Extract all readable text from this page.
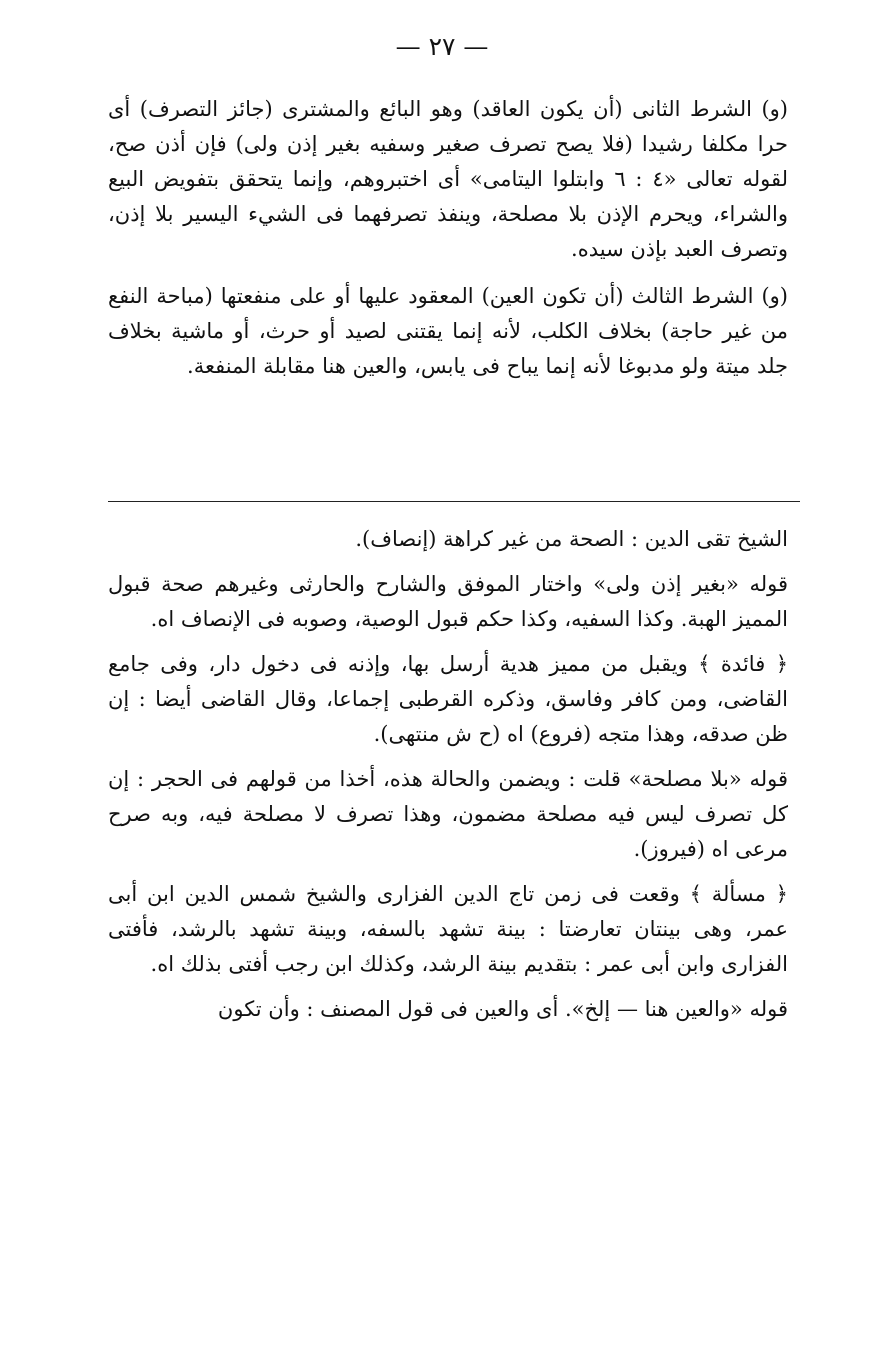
— ٢٧ —

(و) الشرط الثانى (أن يكون العاقد) وهو البائع والمشترى (جائز التصرف) أى حرا مكلفا رشيدا (فلا يصح تصرف صغير وسفيه بغير إذن ولى) فإن أذن صح، لقوله تعالى «٤ : ٦ وابتلوا اليتامى» أى اختبروهم، وإنما يتحقق بتفويض البيع والشراء، ويحرم الإذن بلا مصلحة، وينفذ تصرفهما فى الشيء اليسير بلا إذن، وتصرف العبد بإذن سيده.

(و) الشرط الثالث (أن تكون العين) المعقود عليها أو على منفعتها (مباحة النفع من غير حاجة) بخلاف الكلب، لأنه إنما يقتنى لصيد أو حرث، أو ماشية بخلاف جلد ميتة ولو مدبوغا لأنه إنما يباح فى يابس، والعين هنا مقابلة المنفعة.

الشيخ تقى الدين : الصحة من غير كراهة (إنصاف).

قوله «بغير إذن ولى» واختار الموفق والشارح والحارثى وغيرهم صحة قبول المميز الهبة. وكذا السفيه، وكذا حكم قبول الوصية، وصوبه فى الإنصاف اه.

﴿ فائدة ﴾ ويقبل من مميز هدية أرسل بها، وإذنه فى دخول دار، وفى جامع القاضى، ومن كافر وفاسق، وذكره القرطبى إجماعا، وقال القاضى أيضا : إن ظن صدقه، وهذا متجه (فروع) اه (ح ش منتهى).

قوله «بلا مصلحة» قلت : ويضمن والحالة هذه، أخذا من قولهم فى الحجر : إن كل تصرف ليس فيه مصلحة مضمون، وهذا تصرف لا مصلحة فيه، وبه صرح مرعى اه (فيروز).

﴿ مسألة ﴾ وقعت فى زمن تاج الدين الفزارى والشيخ شمس الدين ابن أبى عمر، وهى بينتان تعارضتا : بينة تشهد بالسفه، وبينة تشهد بالرشد، فأفتى الفزارى وابن أبى عمر : بتقديم بينة الرشد، وكذلك ابن رجب أفتى بذلك اه.

قوله «والعين هنا — إلخ». أى والعين فى قول المصنف : وأن تكون
